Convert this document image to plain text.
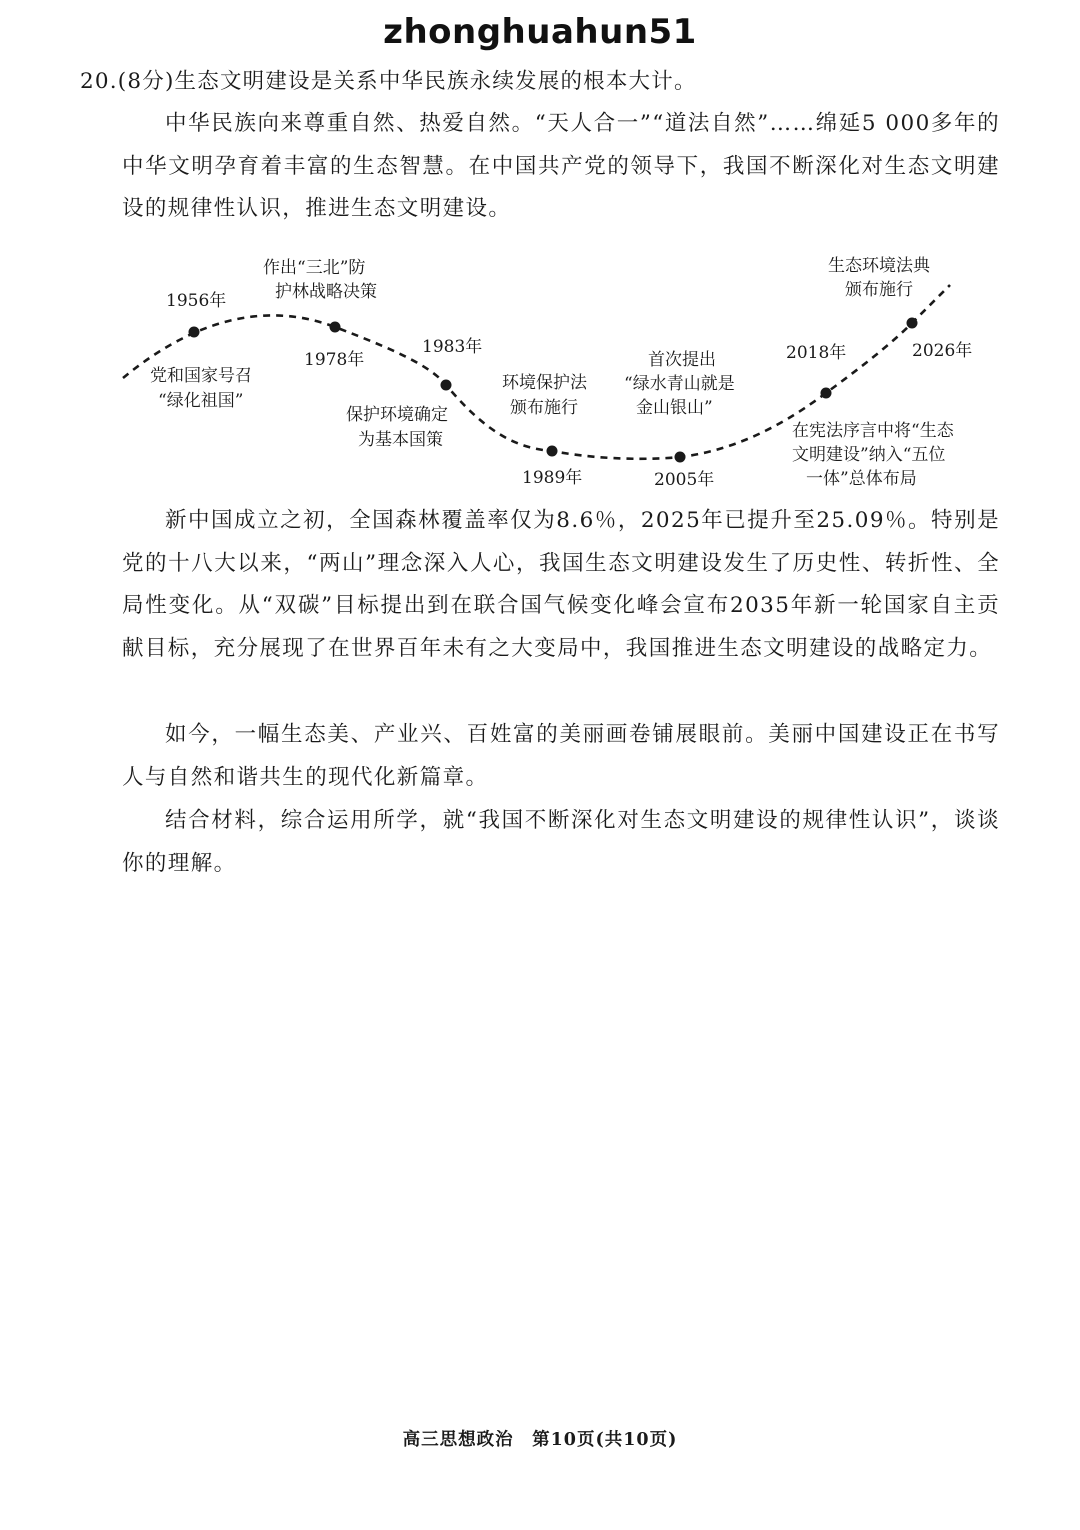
zhonghuahun51
20.(8分)生态文明建设是关系中华民族永续发展的根本大计。

中华民族向来尊重自然、热爱自然。“天人合一”“道法自然”……绵延5 000多年的中华文明孕育着丰富的生态智慧。在中国共产党的领导下，我国不断深化对生态文明建设的规律性认识，推进生态文明建设。

1956年
党和国家号召
“绿化祖国”
作出“三北”防
护林战略决策
1978年
1983年
保护环境确定
为基本国策
环境保护法
颁布施行
1989年
首次提出
“绿水青山就是
金山银山”
2005年
2018年
在宪法序言中将“生态
文明建设”纳入“五位
一体”总体布局
生态环境法典
颁布施行
2026年

新中国成立之初，全国森林覆盖率仅为8.6％，2025年已提升至25.09％。特别是党的十八大以来，“两山”理念深入人心，我国生态文明建设发生了历史性、转折性、全局性变化。从“双碳”目标提出到在联合国气候变化峰会宣布2035年新一轮国家自主贡献目标，充分展现了在世界百年未有之大变局中，我国推进生态文明建设的战略定力。

如今，一幅生态美、产业兴、百姓富的美丽画卷铺展眼前。美丽中国建设正在书写人与自然和谐共生的现代化新篇章。

结合材料，综合运用所学，就“我国不断深化对生态文明建设的规律性认识”，谈谈你的理解。

高三思想政治　第10页(共10页)
